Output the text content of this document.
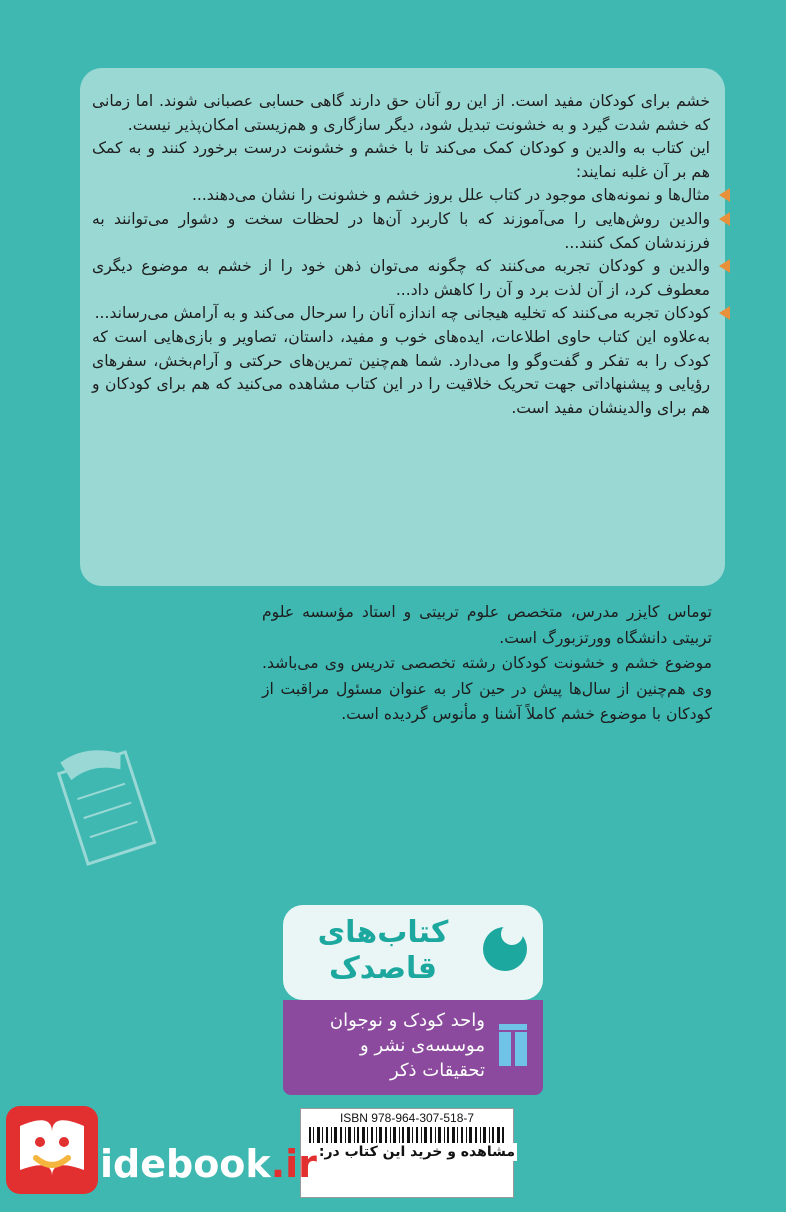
خشم برای کودکان مفید است. از این رو آنان حق دارند گاهی حسابی عصبانی شوند. اما زمانی که خشم شدت گیرد و به خشونت تبدیل شود، دیگر سازگاری و هم‌زیستی امکان‌پذیر نیست.

این کتاب به والدین و کودکان کمک می‌کند تا با خشم و خشونت درست برخورد کنند و به کمک هم بر آن غلبه نمایند:

مثال‌ها و نمونه‌های موجود در کتاب علل بروز خشم و خشونت را نشان می‌دهند...

والدین روش‌هایی را می‌آموزند که با کاربرد آن‌ها در لحظات سخت و دشوار می‌توانند به فرزندشان کمک کنند...

والدین و کودکان تجربه می‌کنند که چگونه می‌توان ذهن خود را از خشم به موضوع دیگری معطوف کرد، از آن لذت برد و آن را کاهش داد...

کودکان تجربه می‌کنند که تخلیه هیجانی چه اندازه آنان را سرحال می‌کند و به آرامش می‌رساند...

به‌علاوه این کتاب حاوی اطلاعات، ایده‌های خوب و مفید، داستان، تصاویر و بازی‌هایی است که کودک را به تفکر و گفت‌وگو وا می‌دارد. شما هم‌چنین تمرین‌های حرکتی و آرام‌بخش، سفرهای رؤیایی و پیشنهاداتی جهت تحریک خلاقیت را در این کتاب مشاهده می‌کنید که هم برای کودکان و هم برای والدینشان مفید است.

توماس کایزر مدرس، متخصص علوم تربیتی و استاد مؤسسه علوم تربیتی دانشگاه وورتزبورگ است.

موضوع خشم و خشونت کودکان رشته تخصصی تدریس وی می‌باشد. وی هم‌چنین از سال‌ها پیش در حین کار به عنوان مسئول مراقبت از کودکان با موضوع خشم کاملاً آشنا و مأنوس گردیده است.

کتاب‌های
قاصدک

واحد کودک و نوجوان

موسسه‌ی نشر و

تحقیقات ذکر

ISBN 978-964-307-518-7
مشاهده و خرید این کتاب در:
idebook.ir
